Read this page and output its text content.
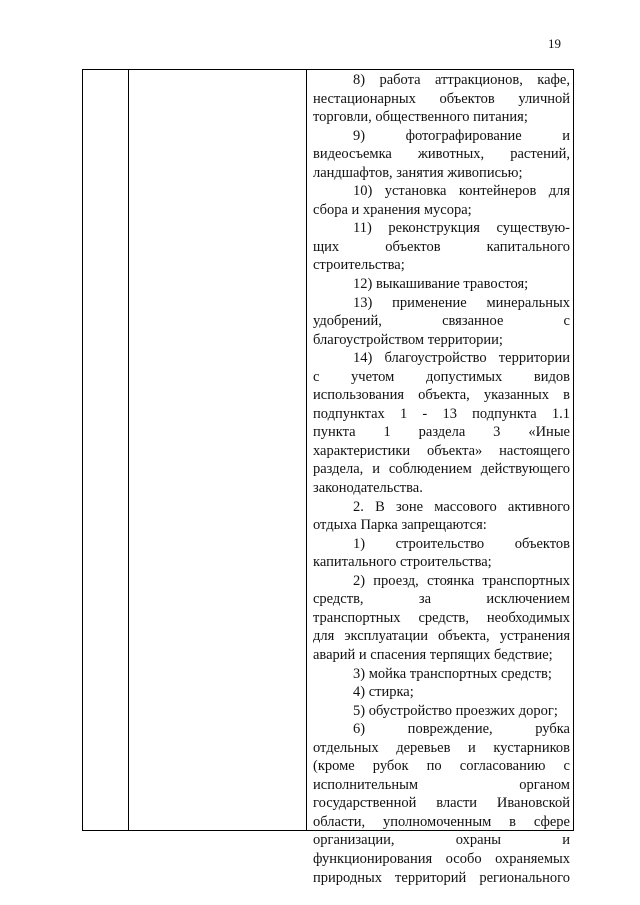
19
8) работа аттракционов, кафе,
нестационарных объектов уличной
торговли, общественного питания;
9) фотографирование и
видеосъемка животных, растений,
ландшафтов, занятия живописью;
10) установка контейнеров для
сбора и хранения мусора;
11) реконструкция существую-
щих объектов капитального
строительства;
12) выкашивание травостоя;
13) применение минеральных
удобрений, связанное с
благоустройством территории;
14) благоустройство территории
с учетом допустимых видов
использования объекта, указанных в
подпунктах 1 - 13 подпункта 1.1
пункта 1 раздела 3 «Иные
характеристики объекта» настоящего
раздела, и соблюдением действующего
законодательства.
2. В зоне массового активного
отдыха Парка запрещаются:
1) строительство объектов
капитального строительства;
2) проезд, стоянка транспортных
средств, за исключением
транспортных средств, необходимых
для эксплуатации объекта, устранения
аварий и спасения терпящих бедствие;
3) мойка транспортных средств;
4) стирка;
5) обустройство проезжих дорог;
6) повреждение, рубка
отдельных деревьев и кустарников
(кроме рубок по согласованию с
исполнительным органом
государственной власти Ивановской
области, уполномоченным в сфере
организации, охраны и
функционирования особо охраняемых
природных территорий регионального
